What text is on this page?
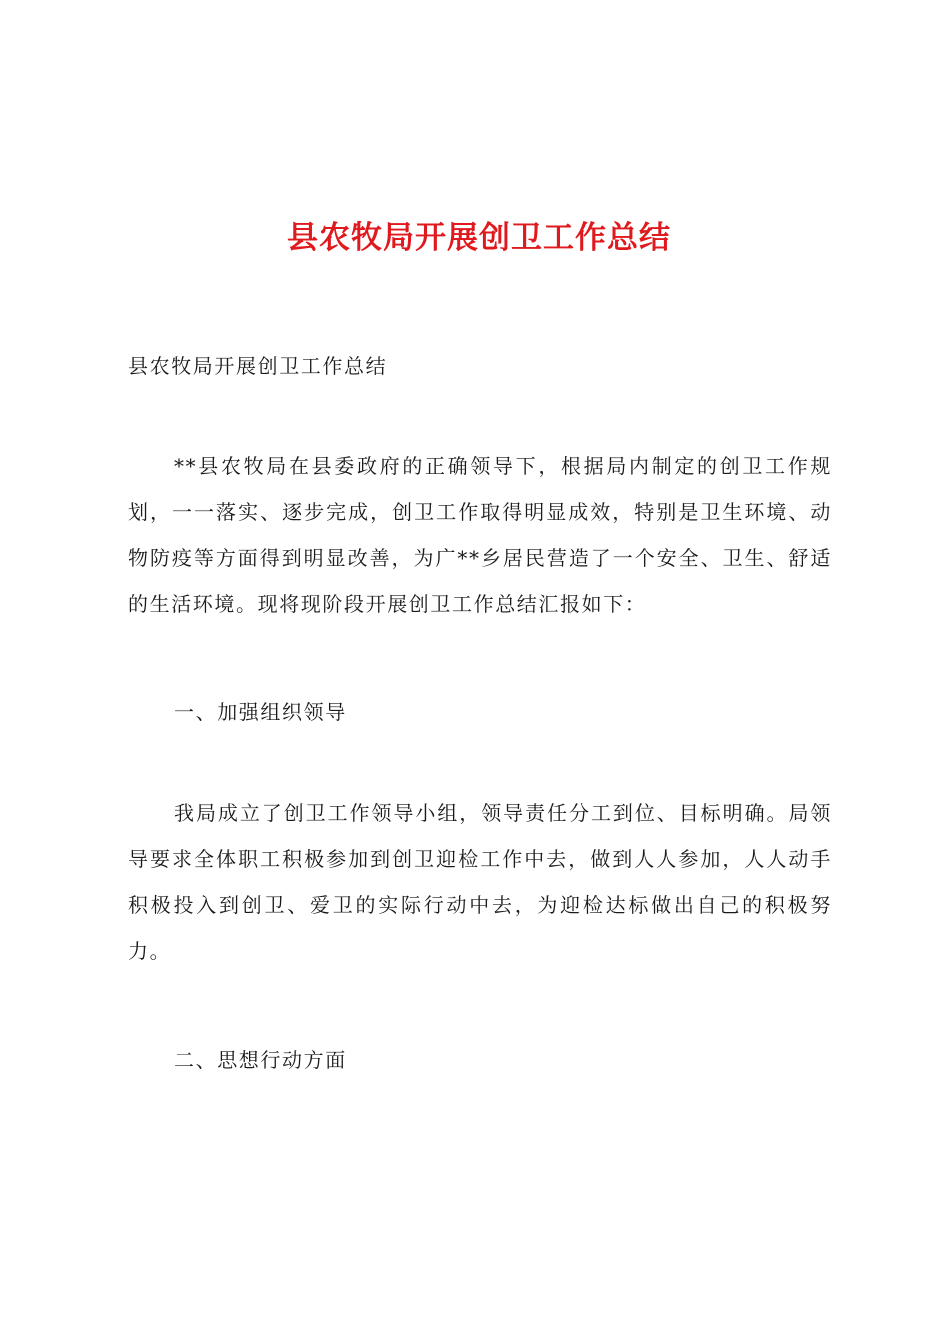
县农牧局开展创卫工作总结

县农牧局开展创卫工作总结

**县农牧局在县委政府的正确领导下，根据局内制定的创卫工作规划，一一落实、逐步完成，创卫工作取得明显成效，特别是卫生环境、动物防疫等方面得到明显改善，为广**乡居民营造了一个安全、卫生、舒适的生活环境。现将现阶段开展创卫工作总结汇报如下：

一、加强组织领导

我局成立了创卫工作领导小组，领导责任分工到位、目标明确。局领导要求全体职工积极参加到创卫迎检工作中去，做到人人参加，人人动手积极投入到创卫、爱卫的实际行动中去，为迎检达标做出自己的积极努力。

二、思想行动方面
